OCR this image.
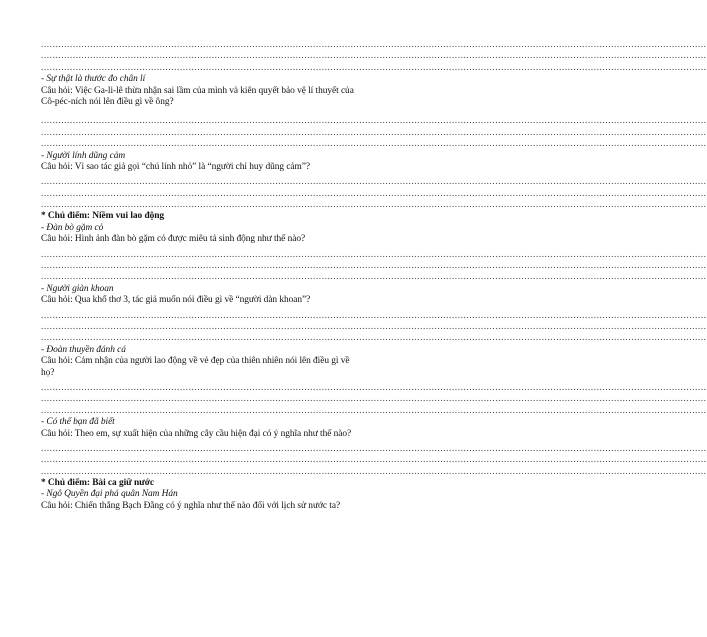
......................................................................................................................................................................................................................................
......................................................................................................................................................................................................................................
......................................................................................................................................................................................................................................
- Sự thật là thước đo chân lí
Câu hỏi: Việc Ga-li-lê thừa nhận sai lầm của mình và kiên quyết bảo vệ lí thuyết của
Cô-péc-ních nói lên điều gì về ông?
......................................................................................................................................................................................................................................
......................................................................................................................................................................................................................................
......................................................................................................................................................................................................................................
- Người lính dũng cảm
Câu hỏi: Vì sao tác giả gọi “chú lính nhỏ” là “người chỉ huy dũng cảm”?
......................................................................................................................................................................................................................................
......................................................................................................................................................................................................................................
......................................................................................................................................................................................................................................
* Chủ điểm: Niềm vui lao động
- Đàn bò gặm cỏ
Câu hỏi: Hình ảnh đàn bò gặm cỏ được miêu tả sinh động như thế nào?
......................................................................................................................................................................................................................................
......................................................................................................................................................................................................................................
......................................................................................................................................................................................................................................
- Người giàn khoan
Câu hỏi: Qua khổ thơ 3, tác giả muốn nói điều gì về “người dàn khoan”?
......................................................................................................................................................................................................................................
......................................................................................................................................................................................................................................
......................................................................................................................................................................................................................................
- Đoàn thuyền đánh cá
Câu hỏi: Cảm nhận của người lao động về vẻ đẹp của thiên nhiên nói lên điều gì về
họ?
......................................................................................................................................................................................................................................
......................................................................................................................................................................................................................................
......................................................................................................................................................................................................................................
- Có thể bạn đã biết
Câu hỏi: Theo em, sự xuất hiện của những cây cầu hiện đại có ý nghĩa như thế nào?
......................................................................................................................................................................................................................................
......................................................................................................................................................................................................................................
......................................................................................................................................................................................................................................
* Chủ điểm: Bài ca giữ nước
- Ngô Quyền đại phá quân Nam Hán
Câu hỏi: Chiến thắng Bạch Đằng có ý nghĩa như thế nào đối với lịch sử nước ta?
